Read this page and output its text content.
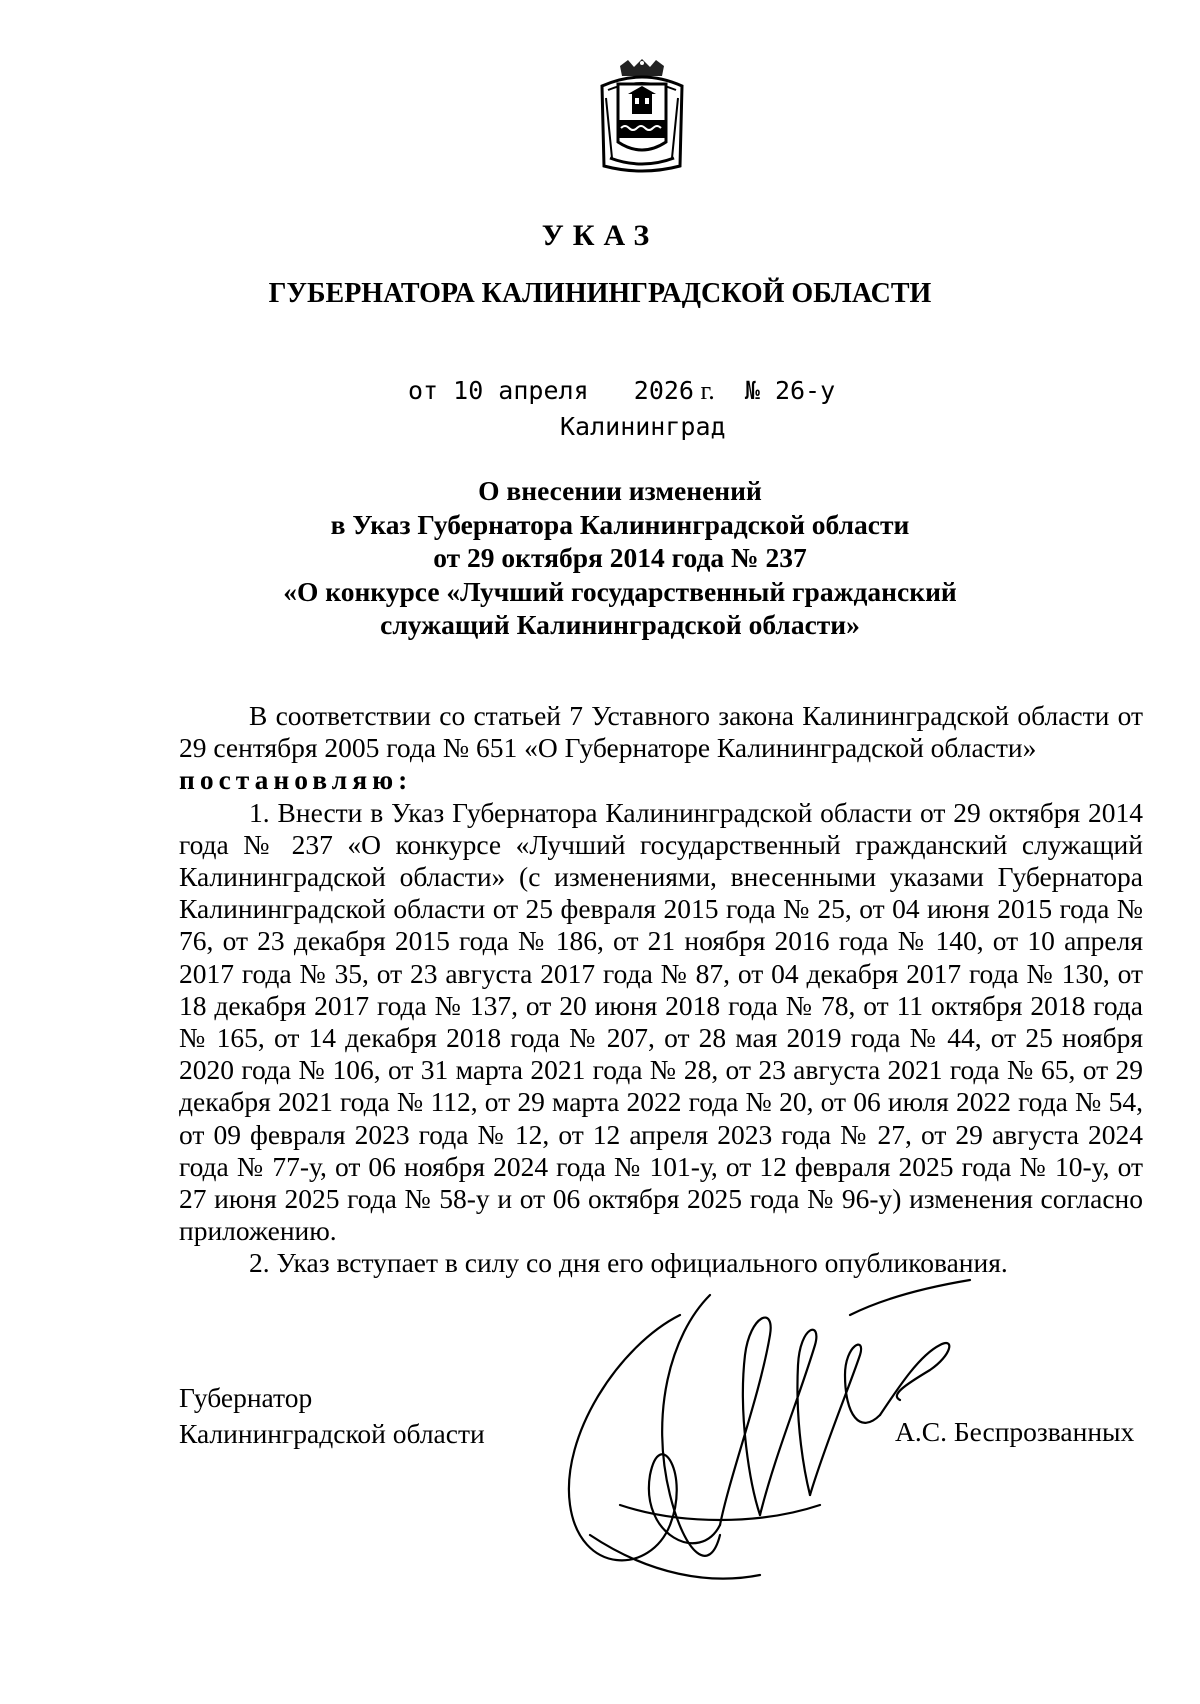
УКАЗ
ГУБЕРНАТОРА КАЛИНИНГРАДСКОЙ ОБЛАСТИ
от 10 апреля 2026 г. № 26-у
Калининград
О внесении изменений
в Указ Губернатора Калининградской области
от 29 октября 2014 года № 237
«О конкурсе «Лучший государственный гражданский
служащий Калининградской области»

В соответствии со статьей 7 Уставного закона Калининградской области от 29 сентября 2005 года № 651 «О Губернаторе Калининградской области»
постановляю:

1. Внести в Указ Губернатора Калининградской области от 29 октября 2014 года № 237 «О конкурсе «Лучший государственный гражданский служащий Калининградской области» (с изменениями, внесенными указами Губернатора Калининградской области от 25 февраля 2015 года № 25, от 04 июня 2015 года № 76, от 23 декабря 2015 года № 186, от 21 ноября 2016 года № 140, от 10 апреля 2017 года № 35, от 23 августа 2017 года № 87, от 04 декабря 2017 года № 130, от 18 декабря 2017 года № 137, от 20 июня 2018 года № 78, от 11 октября 2018 года № 165, от 14 декабря 2018 года № 207, от 28 мая 2019 года № 44, от 25 ноября 2020 года № 106, от 31 марта 2021 года № 28, от 23 августа 2021 года № 65, от 29 декабря 2021 года № 112, от 29 марта 2022 года № 20, от 06 июля 2022 года № 54, от 09 февраля 2023 года № 12, от 12 апреля 2023 года № 27, от 29 августа 2024 года № 77-у, от 06 ноября 2024 года № 101-у, от 12 февраля 2025 года № 10-у, от 27 июня 2025 года № 58-у и от 06 октября 2025 года № 96-у) изменения согласно приложению.

2. Указ вступает в силу со дня его официального опубликования.

Губернатор
Калининградской области	А.С. Беспрозванных
